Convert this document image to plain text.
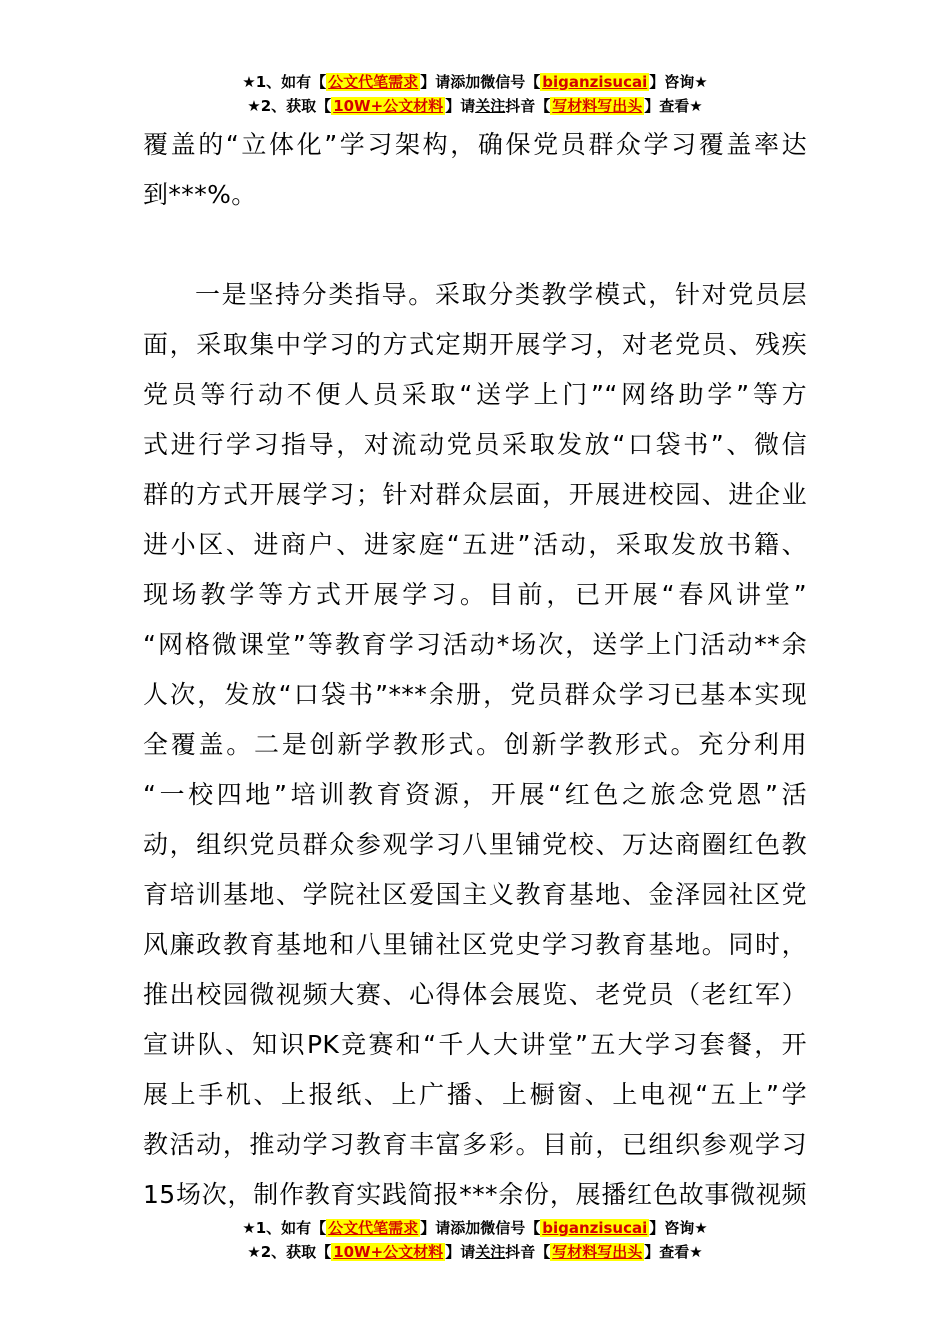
★1、如有【 公文代笔需求 】请添加微信号【 biganzisucai 】咨询★
★2、获取【 10W+公文材料 】请关注抖音【 写材料写出头 】查看★
覆盖的“立体化”学习架构，确保党员群众学习覆盖率达
到***%。
一是坚持分类指导。采取分类教学模式，针对党员层
面，采取集中学习的方式定期开展学习，对老党员、残疾
党员等行动不便人员采取“送学上门”“网络助学”等方
式进行学习指导，对流动党员采取发放“口袋书”、微信
群的方式开展学习；针对群众层面，开展进校园、进企业
进小区、进商户、进家庭“五进”活动，采取发放书籍、
现场教学等方式开展学习。目前，已开展“春风讲堂”
“网格微课堂”等教育学习活动*场次，送学上门活动**余
人次，发放“口袋书”***余册，党员群众学习已基本实现
全覆盖。二是创新学教形式。创新学教形式。充分利用
“一校四地”培训教育资源，开展“红色之旅念党恩”活
动，组织党员群众参观学习八里铺党校、万达商圈红色教
育培训基地、学院社区爱国主义教育基地、金泽园社区党
风廉政教育基地和八里铺社区党史学习教育基地。同时，
推出校园微视频大赛、心得体会展览、老党员（老红军）
宣讲队、知识PK竞赛和“千人大讲堂”五大学习套餐，开
展上手机、上报纸、上广播、上橱窗、上电视“五上”学
教活动，推动学习教育丰富多彩。目前，已组织参观学习
15场次，制作教育实践简报***余份，展播红色故事微视频
★1、如有【 公文代笔需求 】请添加微信号【 biganzisucai 】咨询★
★2、获取【 10W+公文材料 】请关注抖音【 写材料写出头 】查看★
